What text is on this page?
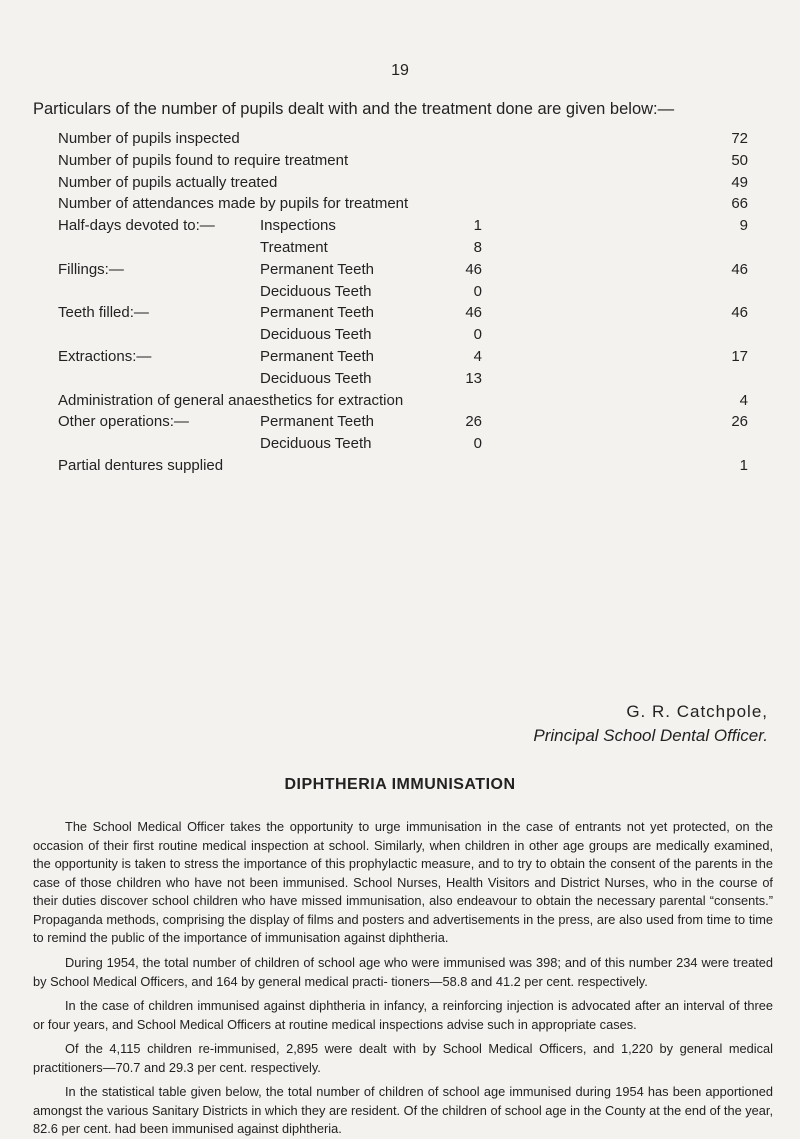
19
Particulars of the number of pupils dealt with and the treatment done are given below:—
Number of pupils inspected	72
Number of pupils found to require treatment	50
Number of pupils actually treated	49
Number of attendances made by pupils for treatment	66
Half-days devoted to:—	Inspections	1	9
Treatment	8
Fillings:—	Permanent Teeth	46	46
Deciduous Teeth	0
Teeth filled:—	Permanent Teeth	46	46
Deciduous Teeth	0
Extractions:—	Permanent Teeth	4	17
Deciduous Teeth	13
Administration of general anaesthetics for extraction	4
Other operations:—	Permanent Teeth	26	26
Deciduous Teeth	0
Partial dentures supplied	1
G. R. Catchpole,
Principal School Dental Officer.
DIPHTHERIA IMMUNISATION
The School Medical Officer takes the opportunity to urge immunisation in the case of entrants not yet protected, on the occasion of their first routine medical inspection at school. Similarly, when children in other age groups are medically examined, the opportunity is taken to stress the importance of this prophylactic measure, and to try to obtain the consent of the parents in the case of those children who have not been immunised. School Nurses, Health Visitors and District Nurses, who in the course of their duties discover school children who have missed immunisation, also endeavour to obtain the necessary parental “consents.” Propaganda methods, comprising the display of films and posters and advertisements in the press, are also used from time to time to remind the public of the importance of immunisation against diphtheria.
During 1954, the total number of children of school age who were immunised was 398; and of this number 234 were treated by School Medical Officers, and 164 by general medical practi- tioners—58.8 and 41.2 per cent. respectively.
In the case of children immunised against diphtheria in infancy, a reinforcing injection is advocated after an interval of three or four years, and School Medical Officers at routine medical inspections advise such in appropriate cases.
Of the 4,115 children re-immunised, 2,895 were dealt with by School Medical Officers, and 1,220 by general medical practitioners—70.7 and 29.3 per cent. respectively.
In the statistical table given below, the total number of children of school age immunised during 1954 has been apportioned amongst the various Sanitary Districts in which they are resident. Of the children of school age in the County at the end of the year, 82.6 per cent. had been immunised against diphtheria.
